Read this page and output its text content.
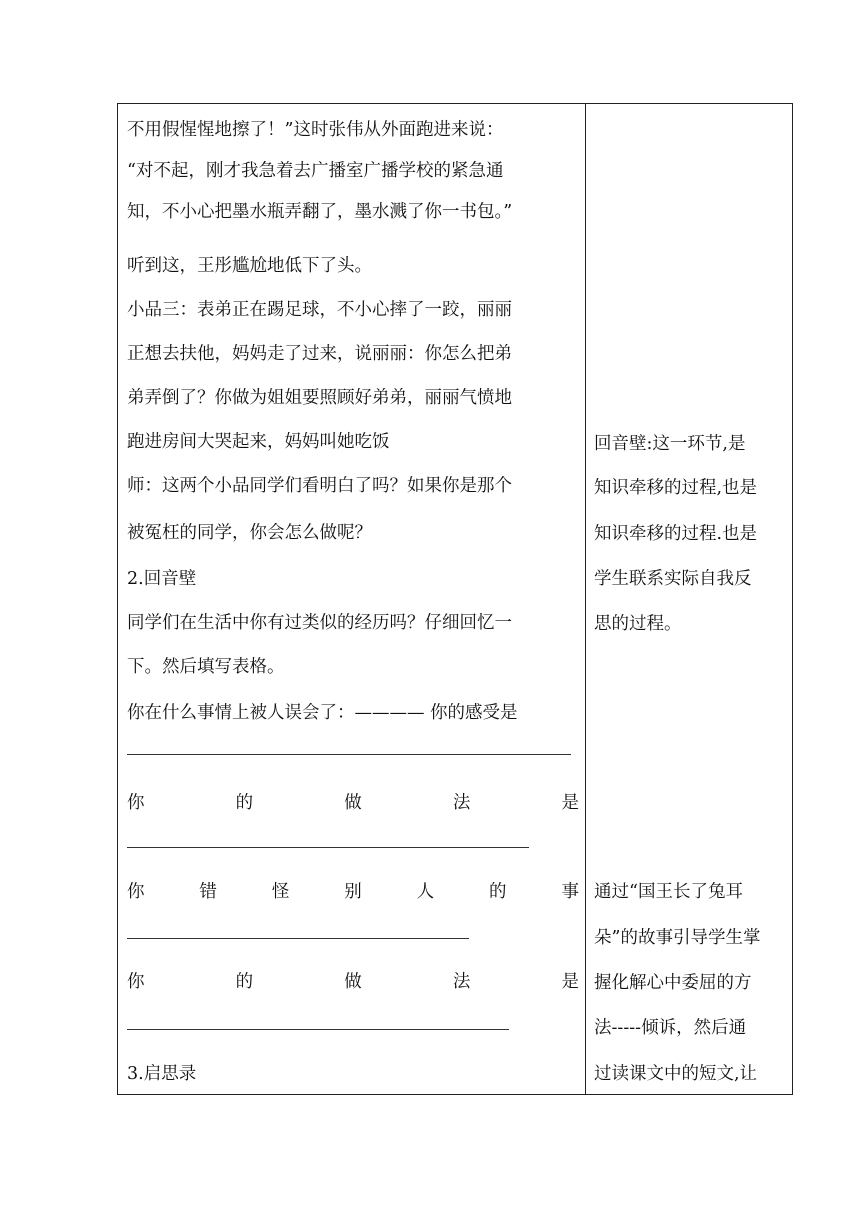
不用假惺惺地擦了！”这时张伟从外面跑进来说：
“对不起，刚才我急着去广播室广播学校的紧急通
知，不小心把墨水瓶弄翻了，墨水溅了你一书包。”
听到这，王彤尴尬地低下了头。
小品三：表弟正在踢足球，不小心摔了一跤，丽丽
正想去扶他，妈妈走了过来，说丽丽：你怎么把弟
弟弄倒了？你做为姐姐要照顾好弟弟，丽丽气愤地
跑进房间大哭起来，妈妈叫她吃饭
师：这两个小品同学们看明白了吗？如果你是那个
被冤枉的同学，你会怎么做呢？
2.回音壁
同学们在生活中你有过类似的经历吗？仔细回忆一
下。然后填写表格。
你在什么事情上被人误会了：———— 你的感受是
你	的	做	法	是
你	错	怪	别	人	的	事
你	的	做	法	是
3.启思录
回音壁:这一环节,是
知识牵移的过程,也是
知识牵移的过程.也是
学生联系实际自我反
思的过程。
通过“国王长了兔耳
朵”的故事引导学生掌
握化解心中委屈的方
法-----倾诉，然后通
过读课文中的短文,让
